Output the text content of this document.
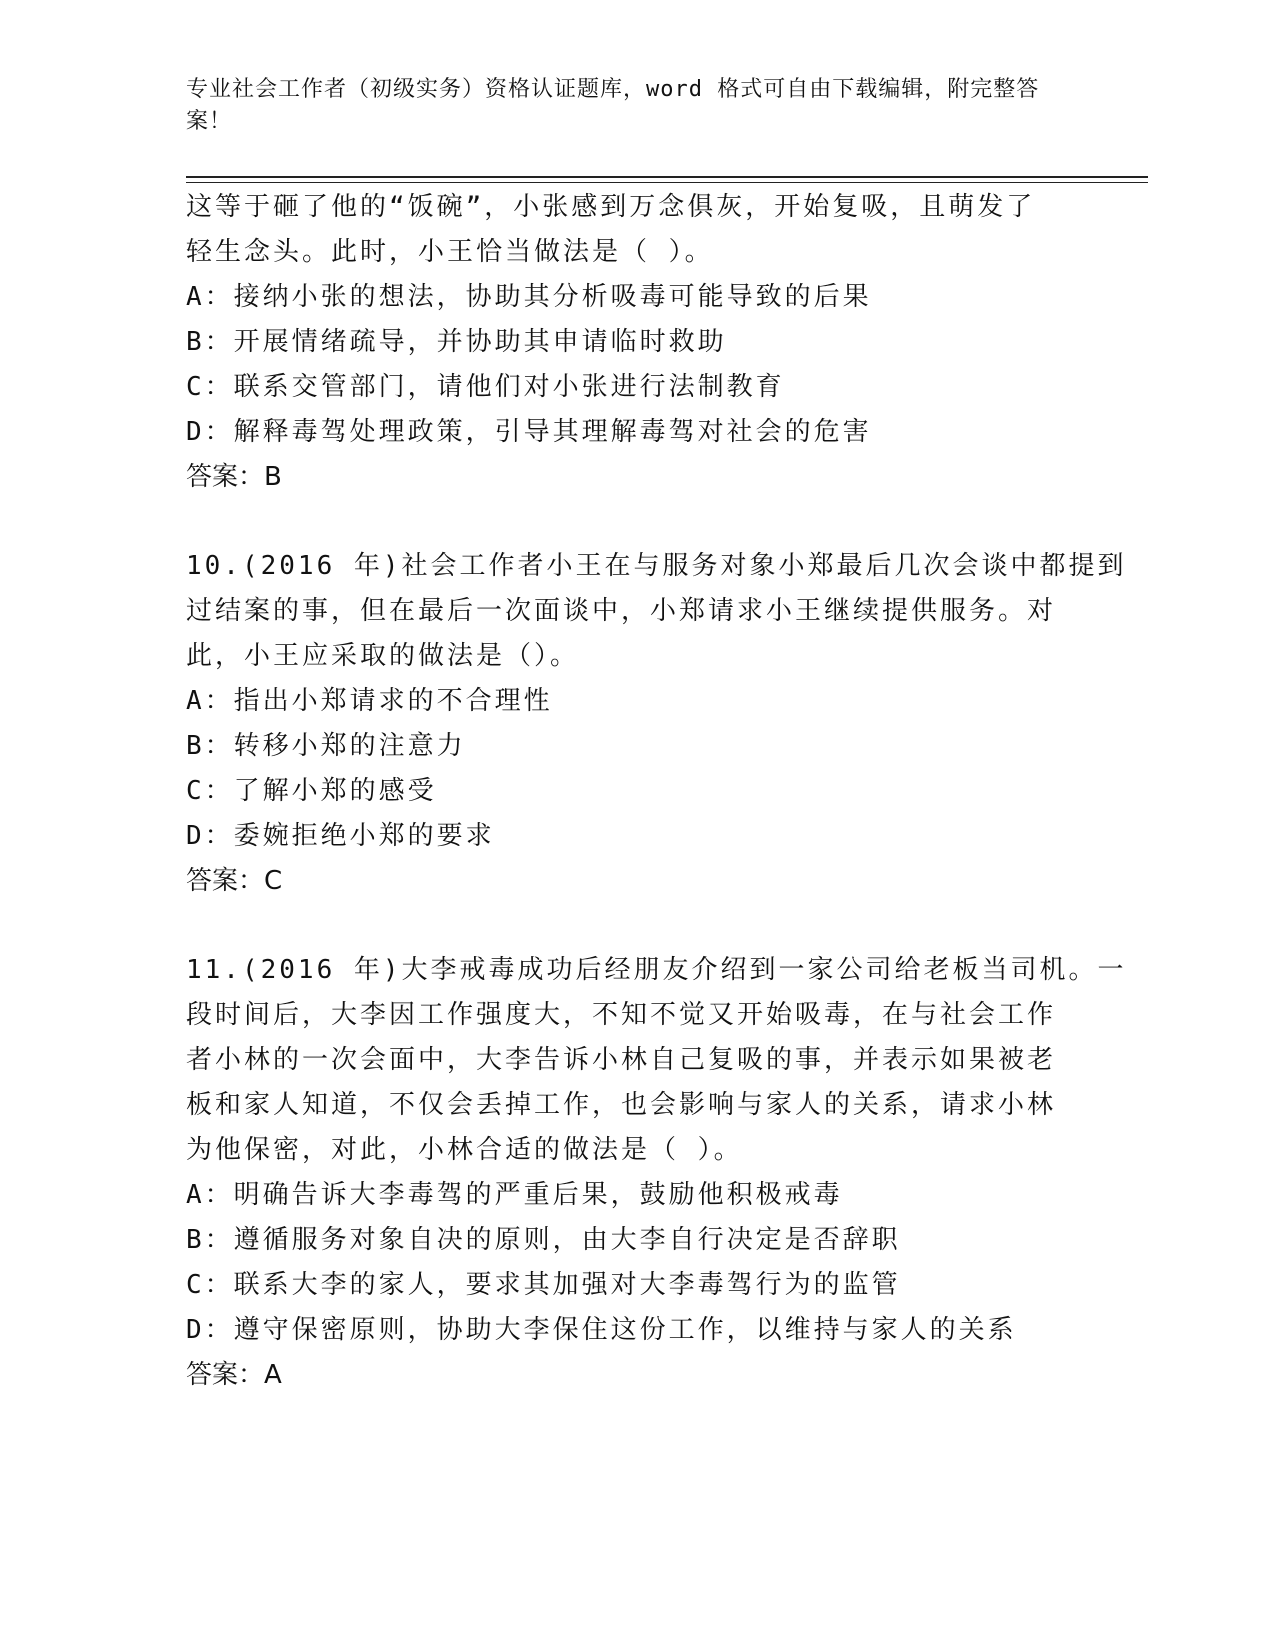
专业社会工作者（初级实务）资格认证题库，word 格式可自由下载编辑，附完整答案！
这等于砸了他的“饭碗”，小张感到万念俱灰，开始复吸，且萌发了
轻生念头。此时，小王恰当做法是（ ）。
A：接纳小张的想法，协助其分析吸毒可能导致的后果
B：开展情绪疏导，并协助其申请临时救助
C：联系交管部门，请他们对小张进行法制教育
D：解释毒驾处理政策，引导其理解毒驾对社会的危害
答案：B
10.(2016 年)社会工作者小王在与服务对象小郑最后几次会谈中都提到
过结案的事，但在最后一次面谈中，小郑请求小王继续提供服务。对
此，小王应采取的做法是（）。
A：指出小郑请求的不合理性
B：转移小郑的注意力
C：了解小郑的感受
D：委婉拒绝小郑的要求
答案：C
11.(2016 年)大李戒毒成功后经朋友介绍到一家公司给老板当司机。一
段时间后，大李因工作强度大，不知不觉又开始吸毒，在与社会工作
者小林的一次会面中，大李告诉小林自己复吸的事，并表示如果被老
板和家人知道，不仅会丢掉工作，也会影响与家人的关系，请求小林
为他保密，对此，小林合适的做法是（ ）。
A：明确告诉大李毒驾的严重后果，鼓励他积极戒毒
B：遵循服务对象自决的原则，由大李自行决定是否辞职
C：联系大李的家人，要求其加强对大李毒驾行为的监管
D：遵守保密原则，协助大李保住这份工作，以维持与家人的关系
答案：A
